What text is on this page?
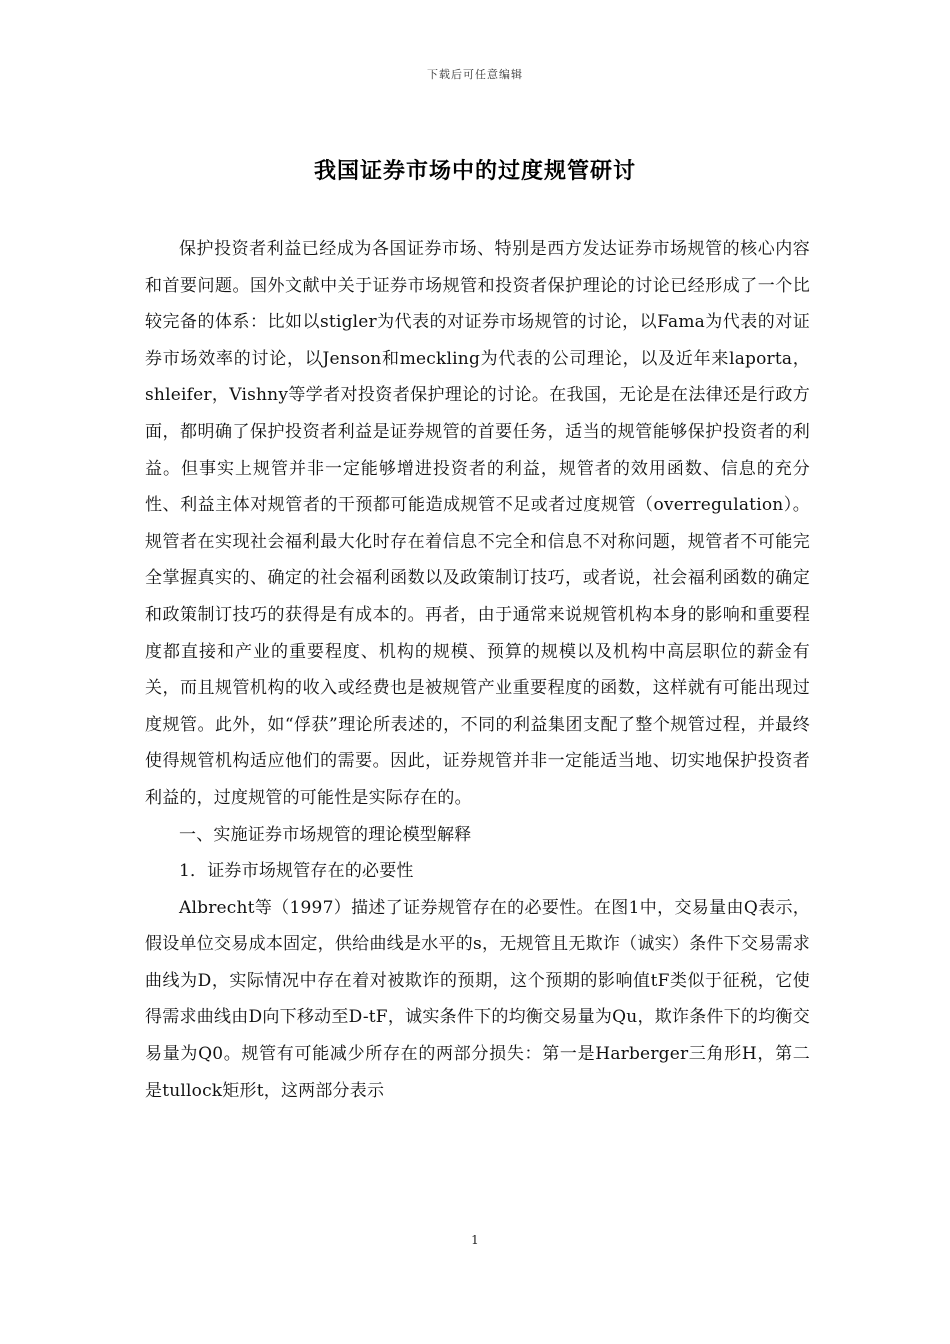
下载后可任意编辑
我国证券市场中的过度规管研讨

保护投资者利益已经成为各国证券市场、特别是西方发达证券市场规管的核心内容和首要问题。国外文献中关于证券市场规管和投资者保护理论的讨论已经形成了一个比较完备的体系：比如以stigler为代表的对证券市场规管的讨论，以Fama为代表的对证券市场效率的讨论，以Jenson和meckling为代表的公司理论，以及近年来laporta，shleifer，Vishny等学者对投资者保护理论的讨论。在我国，无论是在法律还是行政方面，都明确了保护投资者利益是证券规管的首要任务，适当的规管能够保护投资者的利益。但事实上规管并非一定能够增进投资者的利益，规管者的效用函数、信息的充分性、利益主体对规管者的干预都可能造成规管不足或者过度规管（overregulation）。规管者在实现社会福利最大化时存在着信息不完全和信息不对称问题，规管者不可能完全掌握真实的、确定的社会福利函数以及政策制订技巧，或者说，社会福利函数的确定和政策制订技巧的获得是有成本的。再者，由于通常来说规管机构本身的影响和重要程度都直接和产业的重要程度、机构的规模、预算的规模以及机构中高层职位的薪金有关，而且规管机构的收入或经费也是被规管产业重要程度的函数，这样就有可能出现过度规管。此外，如“俘获”理论所表述的，不同的利益集团支配了整个规管过程，并最终使得规管机构适应他们的需要。因此，证券规管并非一定能适当地、切实地保护投资者利益的，过度规管的可能性是实际存在的。

一、实施证券市场规管的理论模型解释

1．证券市场规管存在的必要性

Albrecht等（1997）描述了证券规管存在的必要性。在图1中，交易量由Q表示，假设单位交易成本固定，供给曲线是水平的s，无规管且无欺诈（诚实）条件下交易需求曲线为D，实际情况中存在着对被欺诈的预期，这个预期的影响值tF类似于征税，它使得需求曲线由D向下移动至D-tF，诚实条件下的均衡交易量为Qu，欺诈条件下的均衡交易量为Q0。规管有可能减少所存在的两部分损失：第一是Harberger三角形H，第二是tullock矩形t，这两部分表示

1
